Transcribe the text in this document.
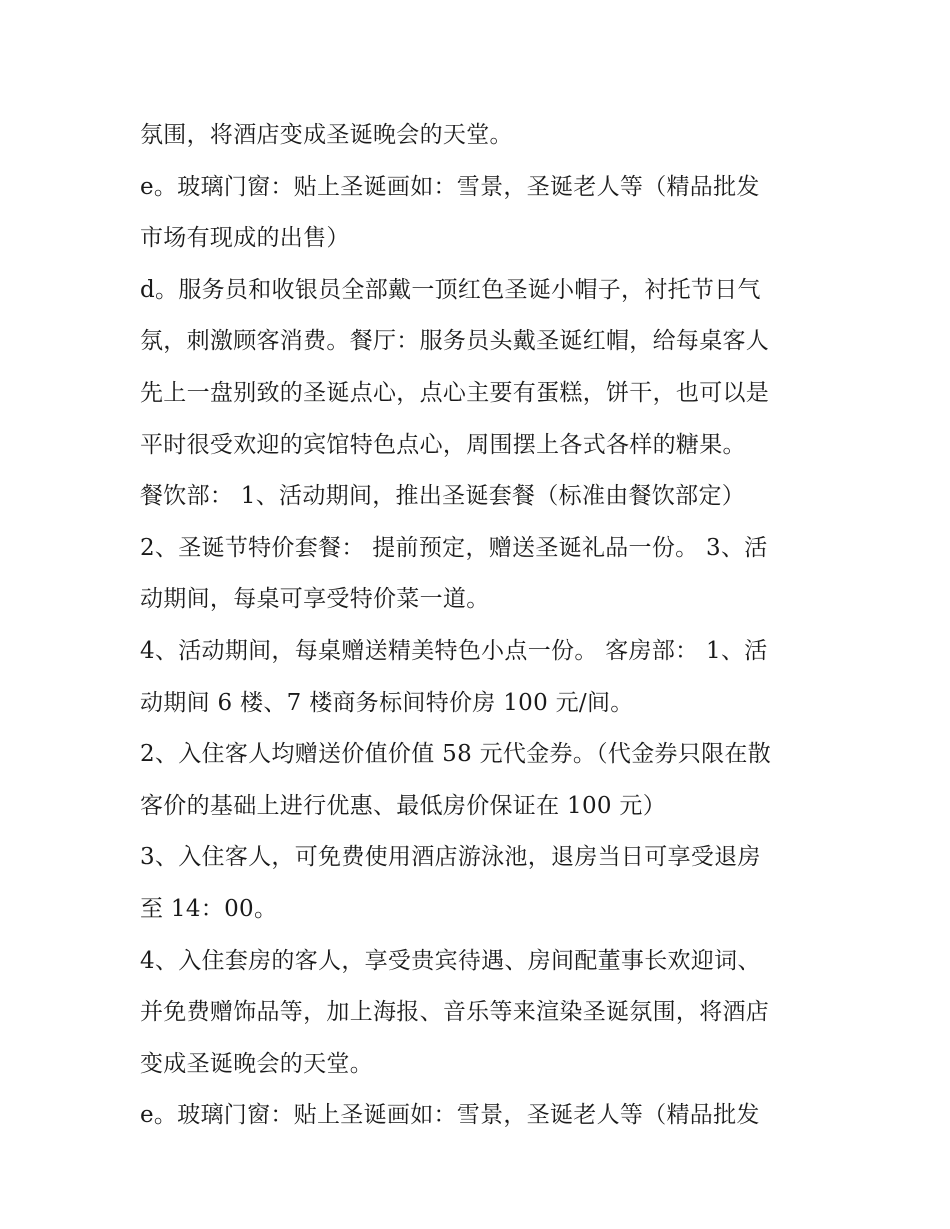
氛围，将酒店变成圣诞晚会的天堂。
e。玻璃门窗：贴上圣诞画如：雪景，圣诞老人等（精品批发
市场有现成的出售）
d。服务员和收银员全部戴一顶红色圣诞小帽子，衬托节日气
氛，刺激顾客消费。餐厅：服务员头戴圣诞红帽，给每桌客人
先上一盘别致的圣诞点心，点心主要有蛋糕，饼干，也可以是
平时很受欢迎的宾馆特色点心，周围摆上各式各样的糖果。
餐饮部： 1、活动期间，推出圣诞套餐（标准由餐饮部定）
2、圣诞节特价套餐： 提前预定，赠送圣诞礼品一份。 3、活
动期间，每桌可享受特价菜一道。
4、活动期间，每桌赠送精美特色小点一份。 客房部： 1、活
动期间 6 楼、7 楼商务标间特价房 100 元/间。
2、入住客人均赠送价值价值 58 元代金券。（代金券只限在散
客价的基础上进行优惠、最低房价保证在 100 元）
3、入住客人，可免费使用酒店游泳池，退房当日可享受退房
至 14：00。
4、入住套房的客人，享受贵宾待遇、房间配董事长欢迎词、
并免费赠饰品等，加上海报、音乐等来渲染圣诞氛围，将酒店
变成圣诞晚会的天堂。
e。玻璃门窗：贴上圣诞画如：雪景，圣诞老人等（精品批发
